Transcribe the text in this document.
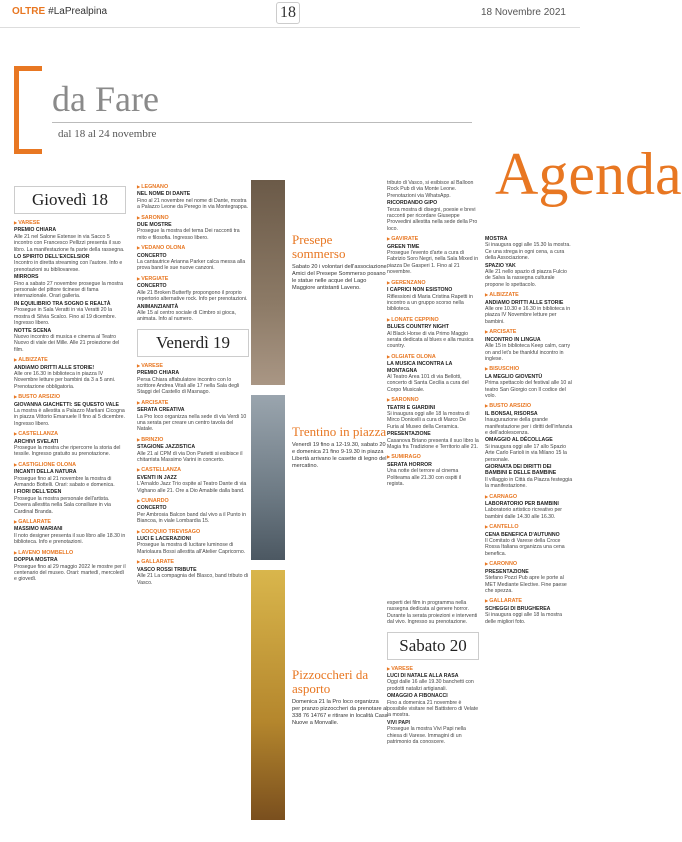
OLTRE #LaPrealpina	18	18 Novembre 2021
da Fare
dal 18 al 24 novembre
Agenda
Giovedì 18
▶ VARESE
PREMIO CHIARA
Alle 21 nel Salone Estense in via Sacco 5 incontro con Francesco Pellizzi presenta il suo libro. La manifestazione fa parte della rassegna.
LO SPIRITO DELL'EXCELSIOR
Incontro in diretta streaming con l'autore. Info e prenotazioni su bibliovarese.
MIRRORS
Fino a sabato 27 novembre prosegue la mostra personale del pittore ticinese di fama internazionale. Orari galleria.
IN EQUILIBRIO TRA SOGNO E REALTÀ
Prosegue in Sala Veratti in via Veratti 20 la mostra di Silvia Scalco. Fino al 19 dicembre. Ingresso libero.
NOTTE SCENA
Nuovo incontro di musica e cinema al Teatro Nuovo di viale dei Mille. Alle 21 proiezione del film.
▶ ALBIZZATE
ANDIAMO DRITTI ALLE STORIE!
Alle ore 16.30 in biblioteca in piazza IV Novembre letture per bambini da 3 a 5 anni. Prenotazione obbligatoria.
▶ BUSTO ARSIZIO
GIOVANNA GIACHETTI: SE QUESTO VALE
La mostra è allestita a Palazzo Marliani Cicogna in piazza Vittorio Emanuele II fino al 5 dicembre. Ingresso libero.
▶ CASTELLANZA
ARCHIVI SVELATI
Prosegue la mostra che ripercorre la storia del tessile. Ingresso gratuito su prenotazione.
▶ CASTIGLIONE OLONA
INCANTI DELLA NATURA
Prosegue fino al 21 novembre la mostra di Armando Bottelli. Orari: sabato e domenica.
I FIORI DELL'EDEN
Prosegue la mostra personale dell'artista. Dovera allestita nella Sala consiliare in via Cardinal Branda.
▶ GALLARATE
MASSIMO MARIANI
Il noto designer presenta il suo libro alle 18.30 in biblioteca. Info e prenotazioni.
▶ LAVENO MOMBELLO
DOPPIA MOSTRA
Prosegue fino al 29 maggio 2022 le mostre per il centenario del museo. Orari: martedì, mercoledì e giovedì.
▶ LEGNANO
NEL NOME DI DANTE
Fino al 21 novembre nel nome di Dante, mostra a Palazzo Leone da Perego in via Montegrappa.
▶ SARONNO
DUE MOSTRE
Prosegue la mostra del tema Dei racconti tra mito e filosofia. Ingresso libero.
▶ VEDANO OLONA
CONCERTO
La cantautrice Arianna Parker calca messa alla prova band le sue nuove canzoni.
▶ VERGIATE
CONCERTO
Alle 21 Broken Butterfly propongono il proprio repertorio alternative rock. Info per prenotazioni.
ANIMANZIANITÀ
Alle 15 al centro sociale di Cimbro si gioca, animata. Info al numero.
Venerdì 19
▶ VARESE
PREMIO CHIARA
Persa Chiara affabulatore incontro con lo scrittore Andrea Vitali alle 17 nella Sala degli Staggi del Castello di Masnago.
▶ ARCISATE
SERATA CREATIVA
La Pro loco organizza nella sede di via Verdi 10 una serata per creare un centro tavola del Natale.
▶ BRINZIO
STAGIONE JAZZISTICA
Alle 21 al CPM di via Don Parietti si esibisce il chitarrista Massimo Varini in concerto.
▶ CASTELLANZA
EVENTI IN JAZZ
L'Arnaldo Jazz Trio ospite al Teatro Dante di via Vighano alle 21. Ore a Dio Amabile dalla band.
▶ CUNARDO
CONCERTO
Per Ambrosia Balcon band dal vivo a il Punto in Biancoa, in viale Lombardia 15.
▶ COCQUIO TREVISAGO
LUCI E LACERAZIONI
Prosegue la mostra di lucitare luminose di Mariolaura Bossi allestita all'Atelier Capricorno.
▶ GALLARATE
VASCO ROSSI TRIBUTE
Alle 21 La compagnia del Blasco, band tributo di Vasco.
Presepe sommerso
Sabato 20 i volontari dell'associazione Amici del Presepe Sommerso posano le statue nelle acque del Lago Maggiore antistanti Laveno.
Trentino in piazza
Venerdì 19 fino a 12-19.30, sabato 20 e domenica 21 fino 9-19.30 in piazza Libertà arrivano le casette di legno del mercatino.
Pizzoccheri da asporto
Domenica 21 la Pro loco organizza per pranzo pizzoccheri da prenotare al 338 76 14767 e ritirare in località Casa Nuove a Monvalle.
tributo di Vasco, si esibisce al Balloon Rock Pub di via Monte Leone. Prenotazioni via WhatsApp.
RICORDANDO GIPO
Terza mostra di disegni, poesie e brevi racconti per ricordare Giuseppe Provvedini allestita nella sede della Pro loco.
▶ GAVIRATE
GREEN TIME
Prosegue l'evento d'arte a cura di Fabrizio Soro Negri, nella Sala Mixed in piazza De Gasperi 1. Fino al 21 novembre.
▶ GERENZANO
I CAPRICI NON ESISTONO
Riflessioni di Maria Cristina Rapetti in incontro a un gruppo scorso nella biblioteca.
▶ LONATE CEPPINO
BLUES COUNTRY NIGHT
Al Black Horse di via Primo Maggio serata dedicata al blues e alla musica country.
▶ OLGIATE OLONA
LA MUSICA INCONTRA LA MONTAGNA
Al Teatro Area 101 di via Bellotti, concerto di Santa Cecilia a cura del Corpo Musicale.
▶ SARONNO
TEATRI E GIARDINI
Si inaugura oggi alle 18 la mostra di Mirco Donicelli a cura di Marco De Furia al Museo della Ceramica.
PRESENTAZIONE
Casanova Briano presenta il suo libro la Magia fra Tradizione e Territorio alle 21.
▶ SUMIRAGO
SERATA HORROR
Una notte del terrore al cinema Politeama alle 21.30 con ospiti il regista.
esperti dei film in programma nella rassegna dedicata al genere horror.
Durante la serata proiezioni e interventi dal vivo. Ingresso su prenotazione.
Sabato 20
▶ VARESE
LUCI DI NATALE ALLA RASA
Oggi dalle 16 alle 19.30 banchetti con prodotti natalizi artigianali.
OMAGGIO A FIBONACCI
Fino a domenica 21 novembre è possibile visitare nel Battistero di Velate la mostra.
VIVI PAPI
Prosegue la mostra Vivi Papi nella chiesa di Varese. Immagini di un patrimonio da conoscere.
MOSTRA
Si inaugura oggi alle 15.30 la mostra. Ce una strega in ogni cena, a cura della Associazione.
SPAZIO YAK
Alle 21 nello spazio di piazza Fulcio de Salva la rassegna culturale propone lo spettacolo.
▶ ALBIZZATE
ANDIAMO DRITTI ALLE STORIE
Alle ore 10.30 e 16.30 in biblioteca in piazza IV Novembre letture per bambini.
▶ ARCISATE
INCONTRO IN LINGUA
Alle 15 in biblioteca Keep calm, carry on and let's be thankful incontro in inglese.
▶ BISUSCHIO
LA MEGLIO GIOVENTÙ
Prima spettacolo del festival alle 10 al teatro San Giorgio con Il codice del volo.
▶ BUSTO ARSIZIO
IL BONSAI, RISORSA
Inaugurazione della grande manifestazione per i diritti dell'infanzia e dell'adolescenza.
OMAGGIO AL DÉCOLLAGE
Si inaugura oggi alle 17 allo Spazio Arte Carlo Farioli in via Milano 15 la personale.
GIORNATA DEI DIRITTI DEI BAMBINI E DELLE BAMBINE
Il villaggio in Città da Piazza festeggia la manifestazione.
▶ CARNAGO
LABORATORIO PER BAMBINI
Laboratorio artistico ricreativo per bambini dalle 14.30 alle 16.30.
▶ CANTELLO
CENA BENEFICA D'AUTUNNO
Il Comitato di Varese della Croce Rossa Italiana organizza una cena benefica.
▶ CARONNO
PRESENTAZIONE
Stefano Pozzi Pub apre le porte al MET Mediante Elective. Fine paese che spezza.
▶ GALLARATE
SCHEGGI DI BRUGHEREA
Si inaugura oggi alle 18 la mostra delle migliori foto.
